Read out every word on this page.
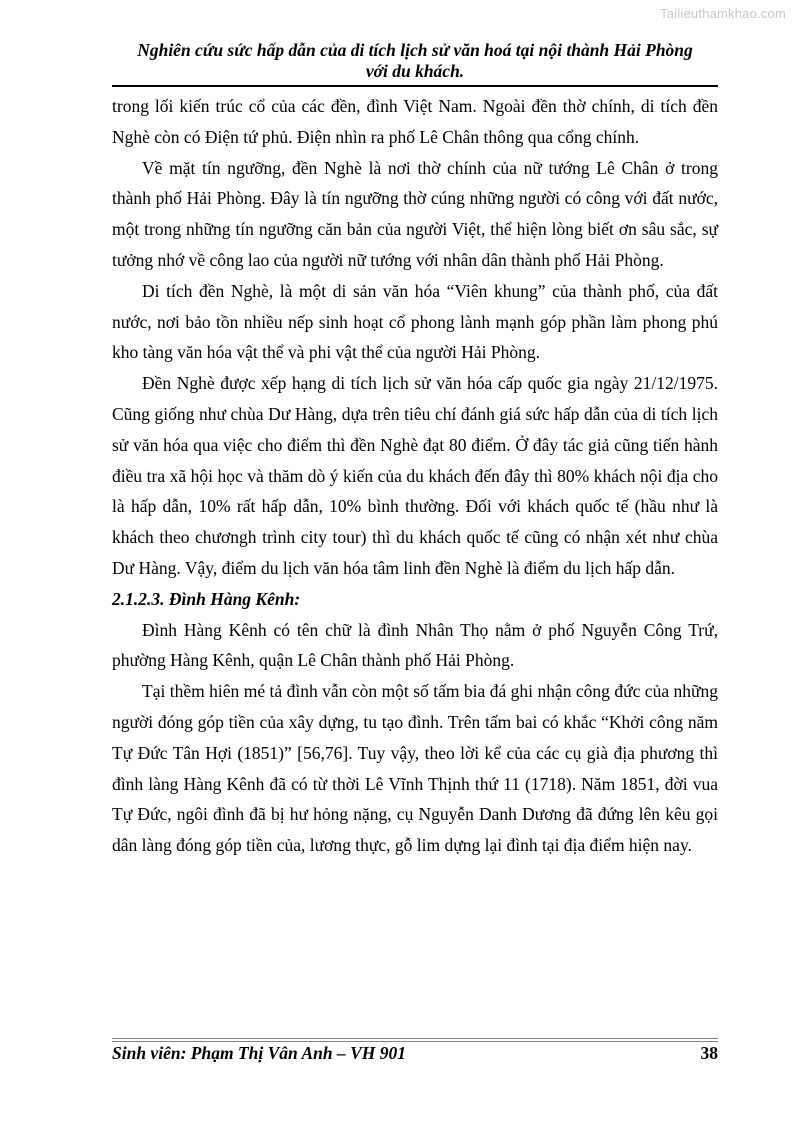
Tailieuthamkhao.com
Nghiên cứu sức hấp dẫn của di tích lịch sử văn hoá tại nội thành Hải Phòng
với du khách.

trong lối kiến trúc cổ của các đền, đình Việt Nam. Ngoài đền thờ chính, di tích đền Nghè còn có Điện tứ phủ. Điện nhìn ra phố Lê Chân thông qua cổng chính.

Về mặt tín ngưỡng, đền Nghè là nơi thờ chính của nữ tướng Lê Chân ở trong thành phố Hải Phòng. Đây là tín ngưỡng thờ cúng những người có công với đất nước, một trong những tín ngưỡng căn bản của người Việt, thể hiện lòng biết ơn sâu sắc, sự tưởng nhớ về công lao của người nữ tướng với nhân dân thành phố Hải Phòng.

Di tích đền Nghè, là một di sản văn hóa “Viên khung” của thành phố, của đất nước, nơi bảo tồn nhiều nếp sinh hoạt cổ phong lành mạnh góp phần làm phong phú kho tàng văn hóa vật thể và phi vật thể của người Hải Phòng.

Đền Nghè được xếp hạng di tích lịch sử văn hóa cấp quốc gia ngày 21/12/1975. Cũng giống như chùa Dư Hàng, dựa trên tiêu chí đánh giá sức hấp dẫn của di tích lịch sử văn hóa qua việc cho điểm thì đền Nghè đạt 80 điểm. Ở đây tác giả cũng tiến hành điều tra xã hội học và thăm dò ý kiến của du khách đến đây thì 80% khách nội địa cho là hấp dẫn, 10% rất hấp dẫn, 10% bình thường. Đối với khách quốc tế (hầu như là khách theo chươngh trình city tour) thì du khách quốc tế cũng có nhận xét như chùa Dư Hàng. Vậy, điểm du lịch văn hóa tâm linh đền Nghè là điểm du lịch hấp dẫn.

2.1.2.3. Đình Hàng Kênh:

Đình Hàng Kênh có tên chữ là đình Nhân Thọ nằm ở phố Nguyễn Công Trứ, phường Hàng Kênh, quận Lê Chân thành phố Hải Phòng.

Tại thềm hiên mé tả đình vẫn còn một số tấm bia đá ghi nhận công đức của những người đóng góp tiền của xây dựng, tu tạo đình. Trên tấm bai có khắc “Khởi công năm Tự Đức Tân Hợi (1851)” [56,76]. Tuy vậy, theo lời kể của các cụ già địa phương thì đình làng Hàng Kênh đã có từ thời Lê Vĩnh Thịnh thứ 11 (1718). Năm 1851, đời vua Tự Đức, ngôi đình đã bị hư hỏng nặng, cụ Nguyễn Danh Dương đã đứng lên kêu gọi dân làng đóng góp tiền của, lương thực, gỗ lim dựng lại đình tại địa điểm hiện nay.

Sinh viên: Phạm Thị Vân Anh – VH 901	38
